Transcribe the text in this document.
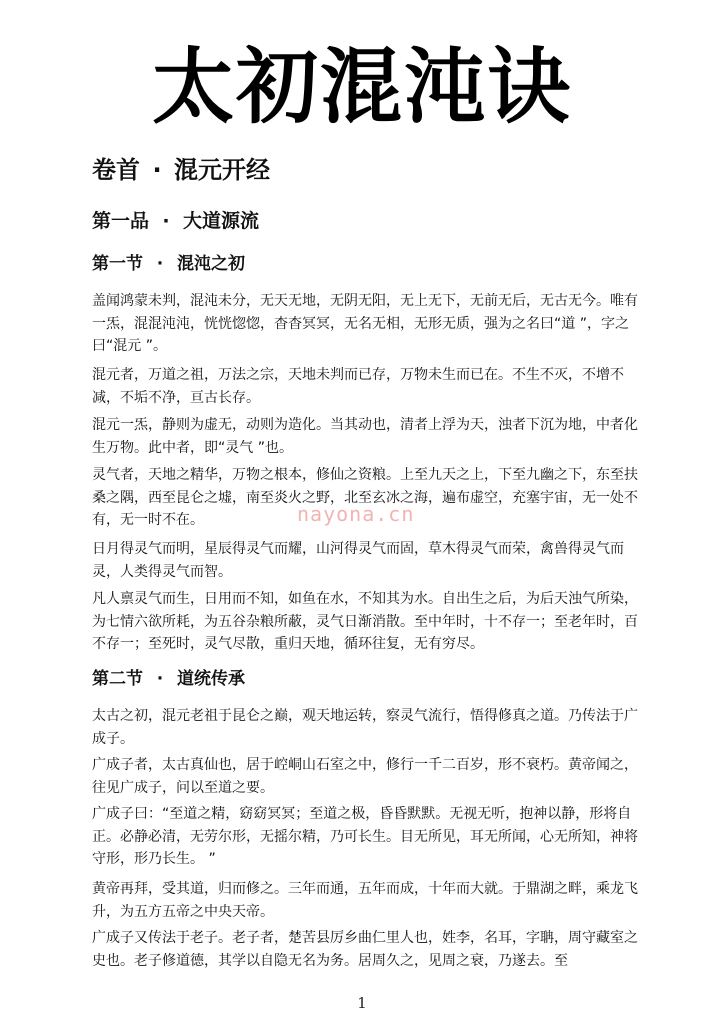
太初混沌诀
卷首 · 混元开经
第一品 · 大道源流
第一节 · 混沌之初

盖闻鸿蒙未判，混沌未分，无天无地，无阴无阳，无上无下，无前无后，无古无今。唯有一炁，混混沌沌，恍恍惚惚，杳杳冥冥，无名无相，无形无质，强为之名曰“道 ”，字之曰“混元 ”。

混元者，万道之祖，万法之宗，天地未判而已存，万物未生而已在。不生不灭，不增不减，不垢不净，亘古长存。

混元一炁，静则为虚无，动则为造化。当其动也，清者上浮为天，浊者下沉为地，中者化生万物。此中者，即“灵气 ”也。

灵气者，天地之精华，万物之根本，修仙之资粮。上至九天之上，下至九幽之下，东至扶桑之隅，西至昆仑之墟，南至炎火之野，北至玄冰之海，遍布虚空，充塞宇宙，无一处不有，无一时不在。

日月得灵气而明，星辰得灵气而耀，山河得灵气而固，草木得灵气而荣，禽兽得灵气而灵，人类得灵气而智。

凡人禀灵气而生，日用而不知，如鱼在水，不知其为水。自出生之后，为后天浊气所染，为七情六欲所耗，为五谷杂粮所蔽，灵气日渐消散。至中年时，十不存一；至老年时，百不存一；至死时，灵气尽散，重归天地，循环往复，无有穷尽。

第二节 · 道统传承

太古之初，混元老祖于昆仑之巅，观天地运转，察灵气流行，悟得修真之道。乃传法于广成子。

广成子者，太古真仙也，居于崆峒山石室之中，修行一千二百岁，形不衰朽。黄帝闻之，往见广成子，问以至道之要。

广成子曰：“至道之精，窈窈冥冥；至道之极，昏昏默默。无视无听，抱神以静，形将自正。必静必清，无劳尔形，无摇尔精，乃可长生。目无所见，耳无所闻，心无所知，神将守形，形乃长生。 ”

黄帝再拜，受其道，归而修之。三年而通，五年而成，十年而大就。于鼎湖之畔，乘龙飞升，为五方五帝之中央天帝。

广成子又传法于老子。老子者，楚苦县厉乡曲仁里人也，姓李，名耳，字聃，周守藏室之史也。老子修道德，其学以自隐无名为务。居周久之，见周之衰，乃遂去。至

nayona.cn
1
